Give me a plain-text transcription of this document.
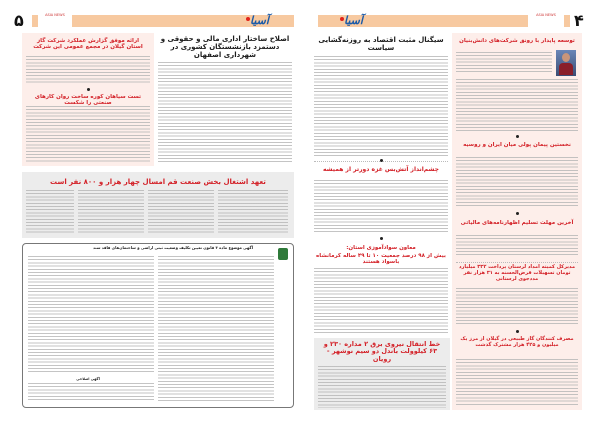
۵	ASIA NEWS	آسیا
اصلاح ساختار اداری مالی و حقوقی و دستمزد بازنشستگان کشوری در شهرداری اصفهان
ارائه موفق گزارش عملکرد شرکت گاز استان گیلان در مجمع عمومی این شرکت
تست سیاهان کوره ساخت روان کارهای صنعتی را شکست
تعهد اشتغال بخش صنعت قم امسال چهار هزار و ۸۰۰ نفر است
آگهی موضوع ماده ۳ قانون تعیین تکلیف وضعیت ثبتی اراضی و ساختمان‌های فاقد سند
آگهی اصلاحی
۴
ASIA NEWS
آسیا
سیگنال مثبت اقتصاد به روزنه‌گشایی سیاست
چشم‌انداز آتش‌بس غزه دورتر از همیشه
معاون سوادآموزی استان:
بیش از ۹۸ درصد جمعیت ۱۰ تا ۴۹ ساله کرمانشاه باسواد هستند
خط انتقال نیروی برق ۲ مداره ۲۳۰ و ۶۳ کیلوولت باندل دو سیم نوشهر - رویان
توسعه پایدار با رونق شرکت‌های دانش‌بنیان
نخستین پیمان پولی میان ایران و روسیه
آخرین مهلت تسلیم اظهارنامه‌های مالیاتی
مدیرکل کمیته امداد لرستان پرداخت ۳۳۲ میلیارد تومان تسهیلات قرض‌الحسنه به ۳۱ هزار نفر مددجوی لرستانی
مصرف کنندگان گاز طبیعی در گیلان از مرز یک میلیون و ۴۲۵ هزار مشترک گذشت
